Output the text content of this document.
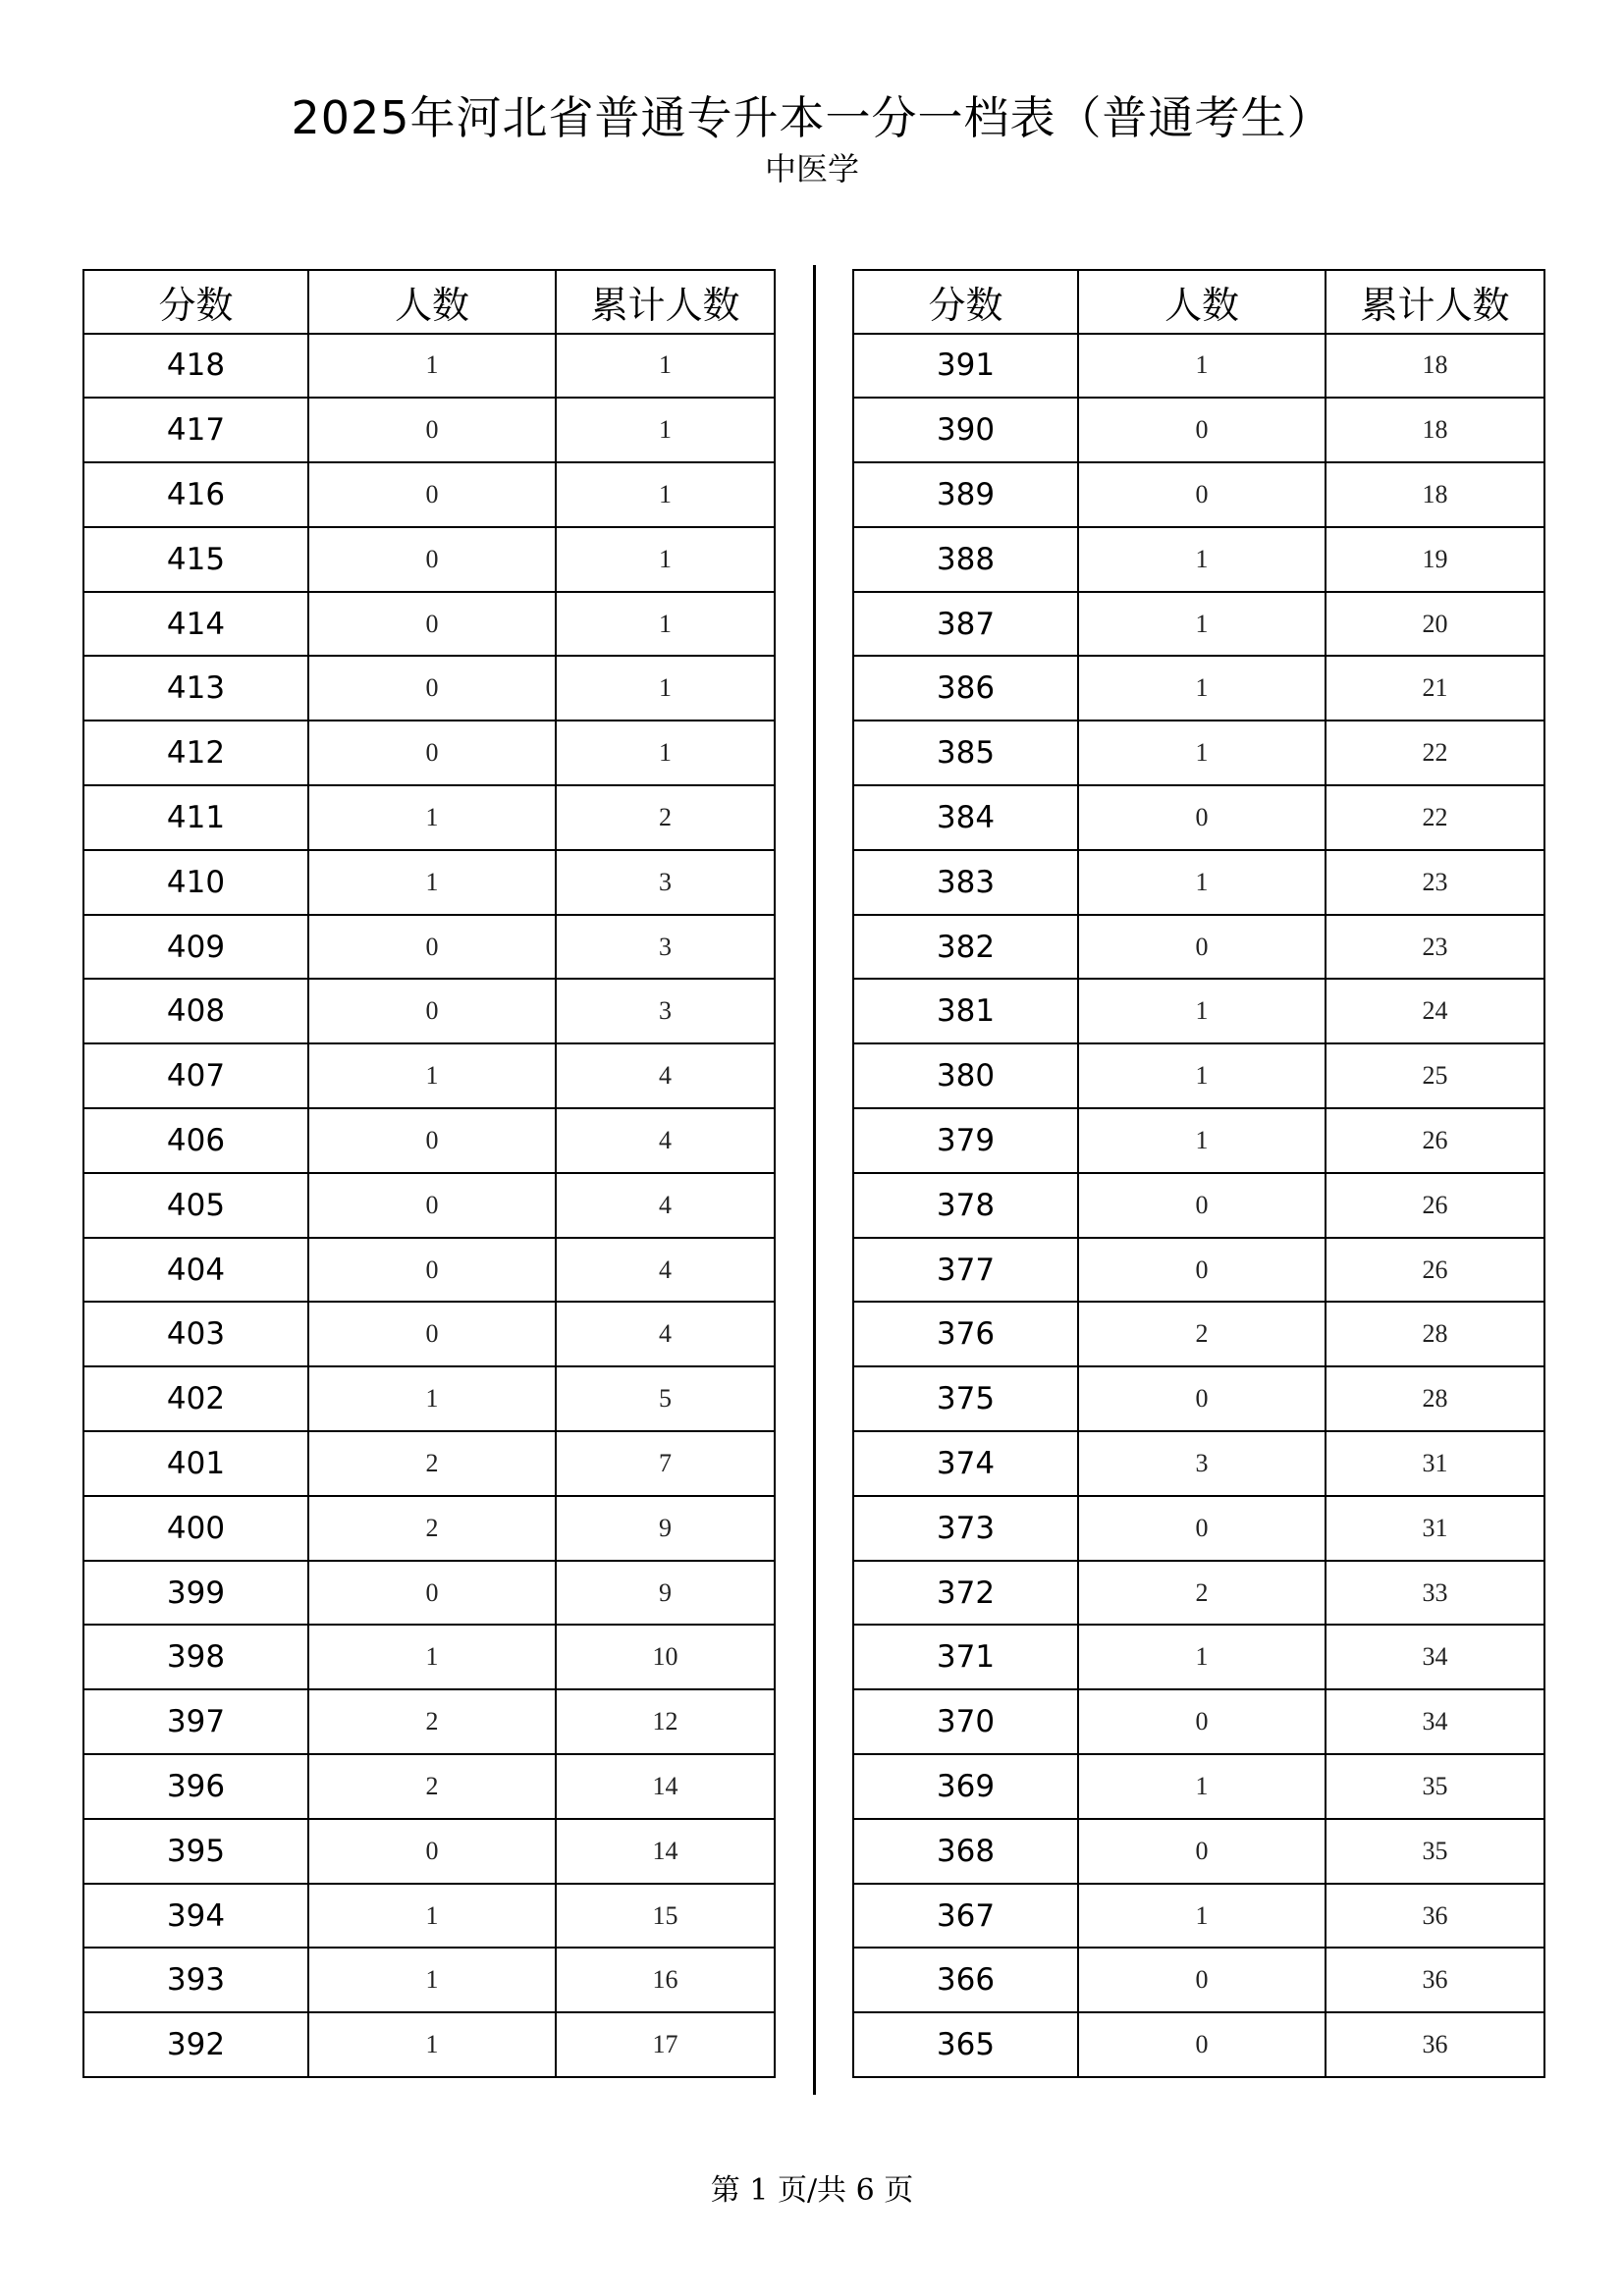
2025年河北省普通专升本一分一档表（普通考生）
中医学
分数	人数	累计人数
418	1	1
417	0	1
416	0	1
415	0	1
414	0	1
413	0	1
412	0	1
411	1	2
410	1	3
409	0	3
408	0	3
407	1	4
406	0	4
405	0	4
404	0	4
403	0	4
402	1	5
401	2	7
400	2	9
399	0	9
398	1	10
397	2	12
396	2	14
395	0	14
394	1	15
393	1	16
392	1	17
分数	人数	累计人数
391	1	18
390	0	18
389	0	18
388	1	19
387	1	20
386	1	21
385	1	22
384	0	22
383	1	23
382	0	23
381	1	24
380	1	25
379	1	26
378	0	26
377	0	26
376	2	28
375	0	28
374	3	31
373	0	31
372	2	33
371	1	34
370	0	34
369	1	35
368	0	35
367	1	36
366	0	36
365	0	36
第 1 页/共 6 页
